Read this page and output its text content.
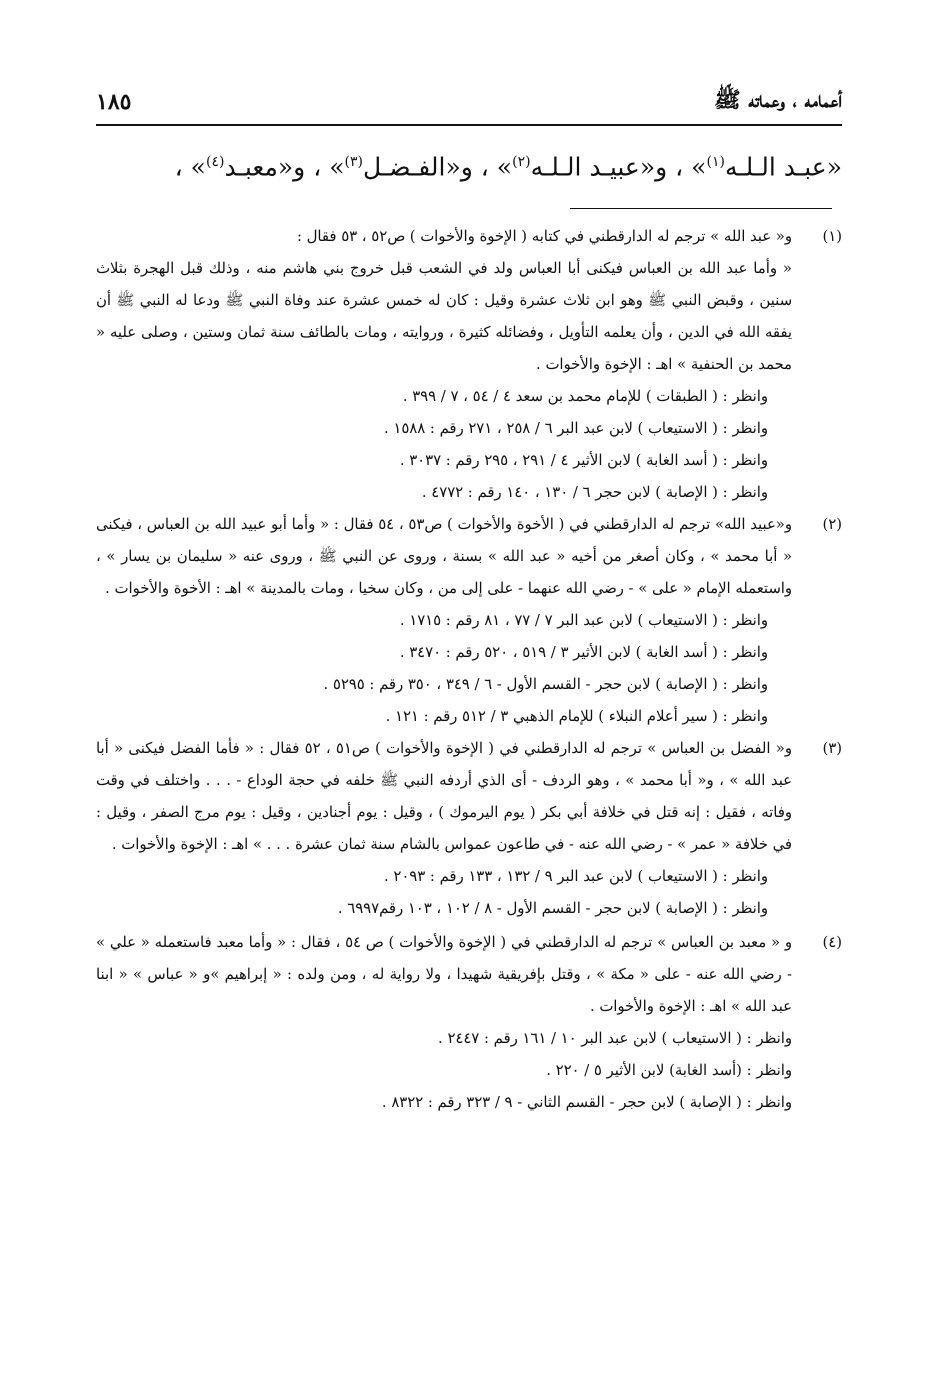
أعمامه ، وعماته ﷺ
١٨٥
«عبـد الـلـه$^{(١)}$» ، و«عبيـد الـلـه$^{(٢)}$» ، و«الفـضـل$^{(٣)}$» ، و«معبـد$^{(٤)}$» ،
(١)
و« عبد الله » ترجم له الدارقطني في كتابه ( الإخوة والأخوات ) ص٥٢ ، ٥٣ فقال :
« وأما عبد الله بن العباس فيكنى أبا العباس ولد في الشعب قبل خروج بني هاشم منه ، وذلك قبل الهجرة بثلاث سنين ، وقبض النبي ﷺ وهو ابن ثلاث عشرة وقيل : كان له خمس عشرة عند وفاة النبي ﷺ ودعا له النبي ﷺ أن يفقه الله في الدين ، وأن يعلمه التأويل ، وفضائله كثيرة ، وروايته ، ومات بالطائف سنة ثمان وستين ، وصلى عليه « محمد بن الحنفية » اهـ : الإخوة والأخوات .
وانظر : ( الطبقات ) للإمام محمد بن سعد ٤ / ٥٤ ، ٧ / ٣٩٩ .
وانظر : ( الاستيعاب ) لابن عبد البر ٦ / ٢٥٨ ، ٢٧١ رقم : ١٥٨٨ .
وانظر : ( أسد الغابة ) لابن الأثير ٤ / ٢٩١ ، ٢٩٥ رقم : ٣٠٣٧ .
وانظر : ( الإصابة ) لابن حجر ٦ / ١٣٠ ، ١٤٠ رقم : ٤٧٧٢ .
(٢)
و«عبيد الله» ترجم له الدارقطني في ( الأخوة والأخوات ) ص٥٣ ، ٥٤ فقال : « وأما أبو عبيد الله بن العباس ، فيكنى « أبا محمد » ، وكان أصغر من أخيه « عبد الله » بسنة ، وروى عن النبي ﷺ ، وروى عنه « سليمان بن يسار » ، واستعمله الإمام « على » - رضي الله عنهما - على إلى من ، وكان سخيا ، ومات بالمدينة » اهـ : الأخوة والأخوات .
وانظر : ( الاستيعاب ) لابن عبد البر ٧ / ٧٧ ، ٨١ رقم : ١٧١٥ .
وانظر : ( أسد الغابة ) لابن الأثير ٣ / ٥١٩ ، ٥٢٠ رقم : ٣٤٧٠ .
وانظر : ( الإصابة ) لابن حجر - القسم الأول - ٦ / ٣٤٩ ، ٣٥٠ رقم : ٥٢٩٥ .
وانظر : ( سير أعلام النبلاء ) للإمام الذهبي ٣ / ٥١٢ رقم : ١٢١ .
(٣)
و« الفضل بن العباس » ترجم له الدارقطني في ( الإخوة والأخوات ) ص٥١ ، ٥٢ فقال : « فأما الفضل فيكنى « أبا عبد الله » ، و« أبا محمد » ، وهو الردف - أى الذي أردفه النبي ﷺ خلفه في حجة الوداع - . . . واختلف في وقت وفاته ، فقيل : إنه قتل في خلافة أبي بكر ( يوم اليرموك ) ، وقيل : يوم أجنادين ، وقيل : يوم مرج الصفر ، وقيل : في خلافة « عمر » - رضي الله عنه - في طاعون عمواس بالشام سنة ثمان عشرة . . . » اهـ : الإخوة والأخوات .
وانظر : ( الاستيعاب ) لابن عبد البر ٩ / ١٣٢ ، ١٣٣ رقم : ٢٠٩٣ .
وانظر : ( الإصابة ) لابن حجر - القسم الأول - ٨ / ١٠٢ ، ١٠٣ رقم٦٩٩٧ .
(٤)
و « معبد بن العباس » ترجم له الدارقطني في ( الإخوة والأخوات ) ص ٥٤ ، فقال : « وأما معبد فاستعمله « علي » - رضي الله عنه - على « مكة » ، وقتل بإفريقية شهيدا ، ولا رواية له ، ومن ولده : « إبراهيم »و « عباس » « ابنا عبد الله » اهـ : الإخوة والأخوات .
وانظر : ( الاستيعاب ) لابن عبد البر ١٠ / ١٦١ رقم : ٢٤٤٧ .
وانظر : (أسد الغابة) لابن الأثير ٥ / ٢٢٠ .
وانظر : ( الإصابة ) لابن حجر - القسم الثاني - ٩ / ٣٢٣ رقم : ٨٣٢٢ .
